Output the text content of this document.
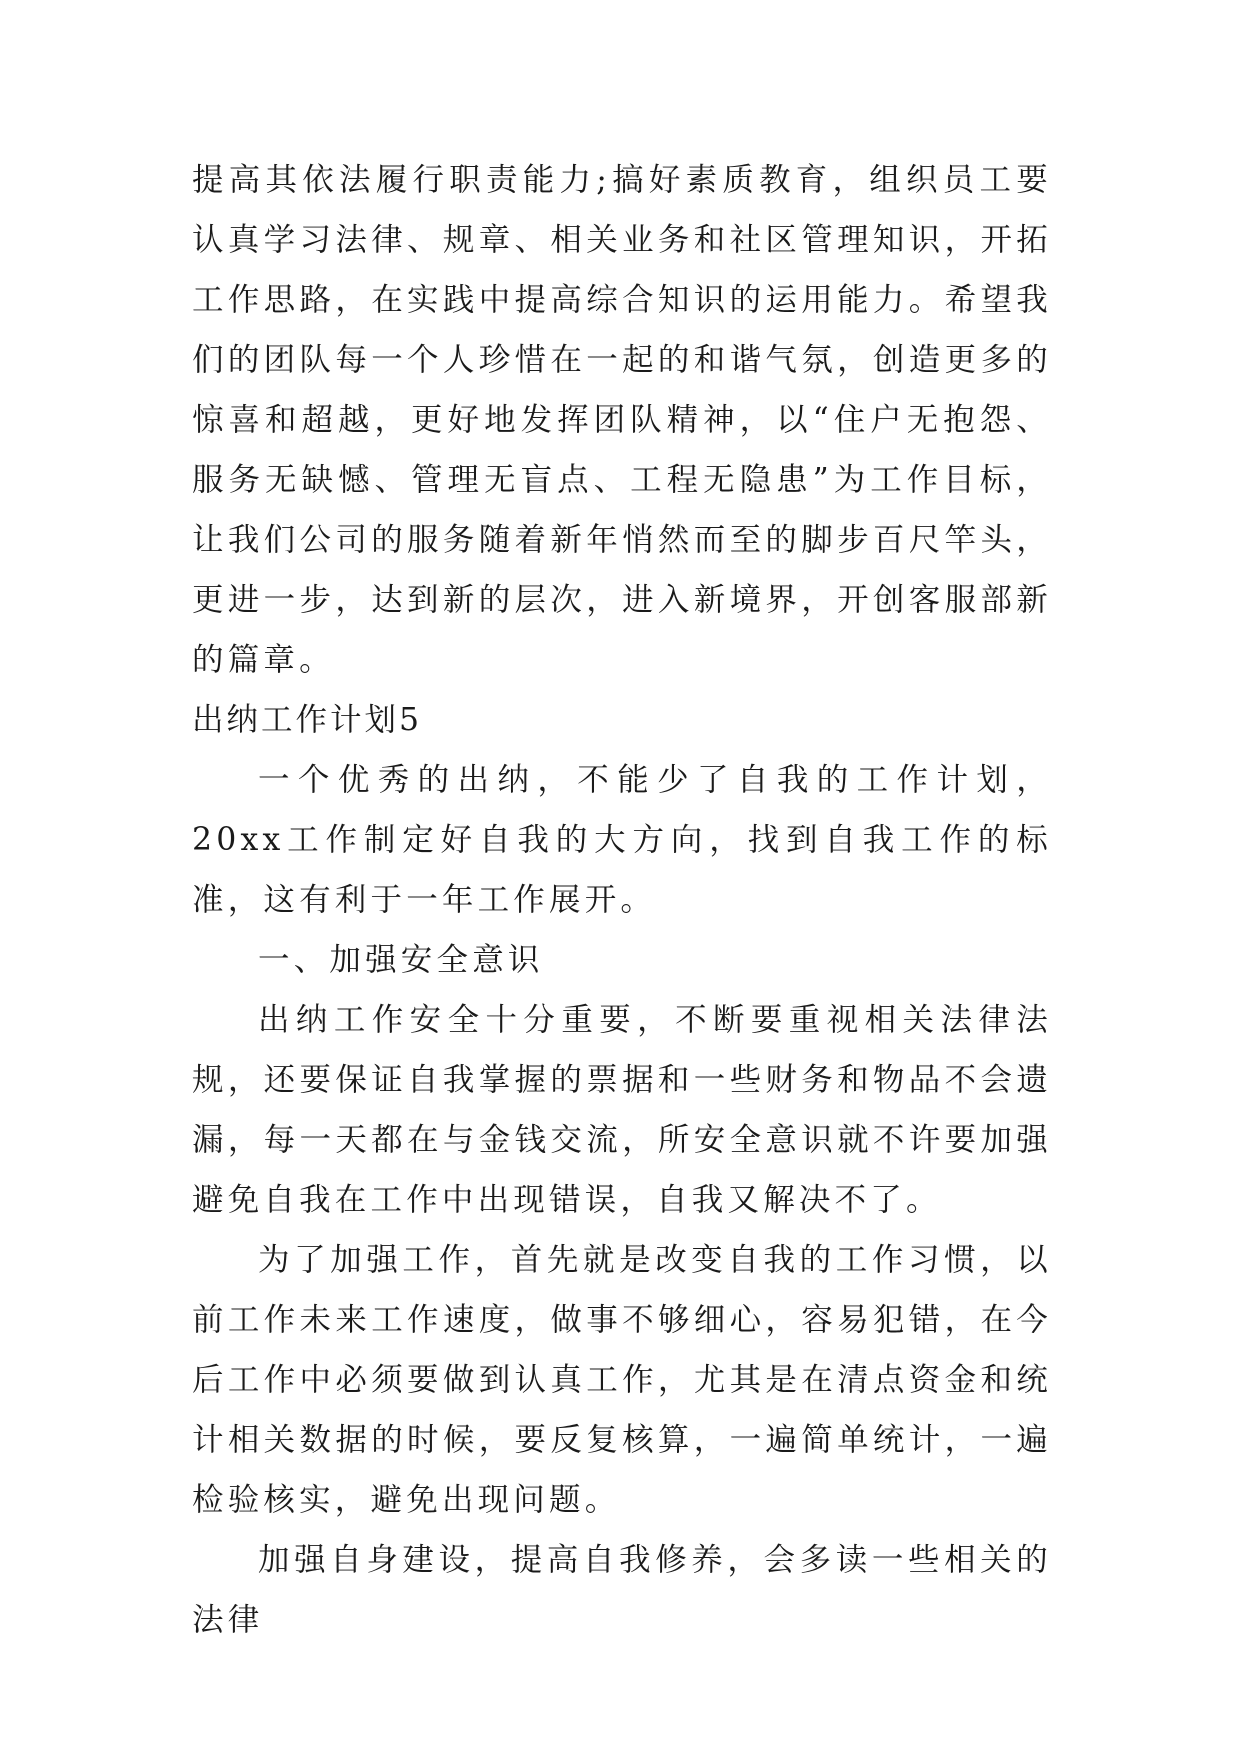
提高其依法履行职责能力;搞好素质教育，组织员工要认真学习法律、规章、相关业务和社区管理知识，开拓工作思路，在实践中提高综合知识的运用能力。希望我们的团队每一个人珍惜在一起的和谐气氛，创造更多的惊喜和超越，更好地发挥团队精神，以“住户无抱怨、服务无缺憾、管理无盲点、工程无隐患”为工作目标，让我们公司的服务随着新年悄然而至的脚步百尺竿头，更进一步，达到新的层次，进入新境界，开创客服部新的篇章。

出纳工作计划5

一个优秀的出纳，不能少了自我的工作计划，20xx工作制定好自我的大方向，找到自我工作的标准，这有利于一年工作展开。

一、加强安全意识

出纳工作安全十分重要，不断要重视相关法律法规，还要保证自我掌握的票据和一些财务和物品不会遗漏，每一天都在与金钱交流，所安全意识就不许要加强避免自我在工作中出现错误，自我又解决不了。

为了加强工作，首先就是改变自我的工作习惯，以前工作未来工作速度，做事不够细心，容易犯错，在今后工作中必须要做到认真工作，尤其是在清点资金和统计相关数据的时候，要反复核算，一遍简单统计，一遍检验核实，避免出现问题。

加强自身建设，提高自我修养，会多读一些相关的法律
